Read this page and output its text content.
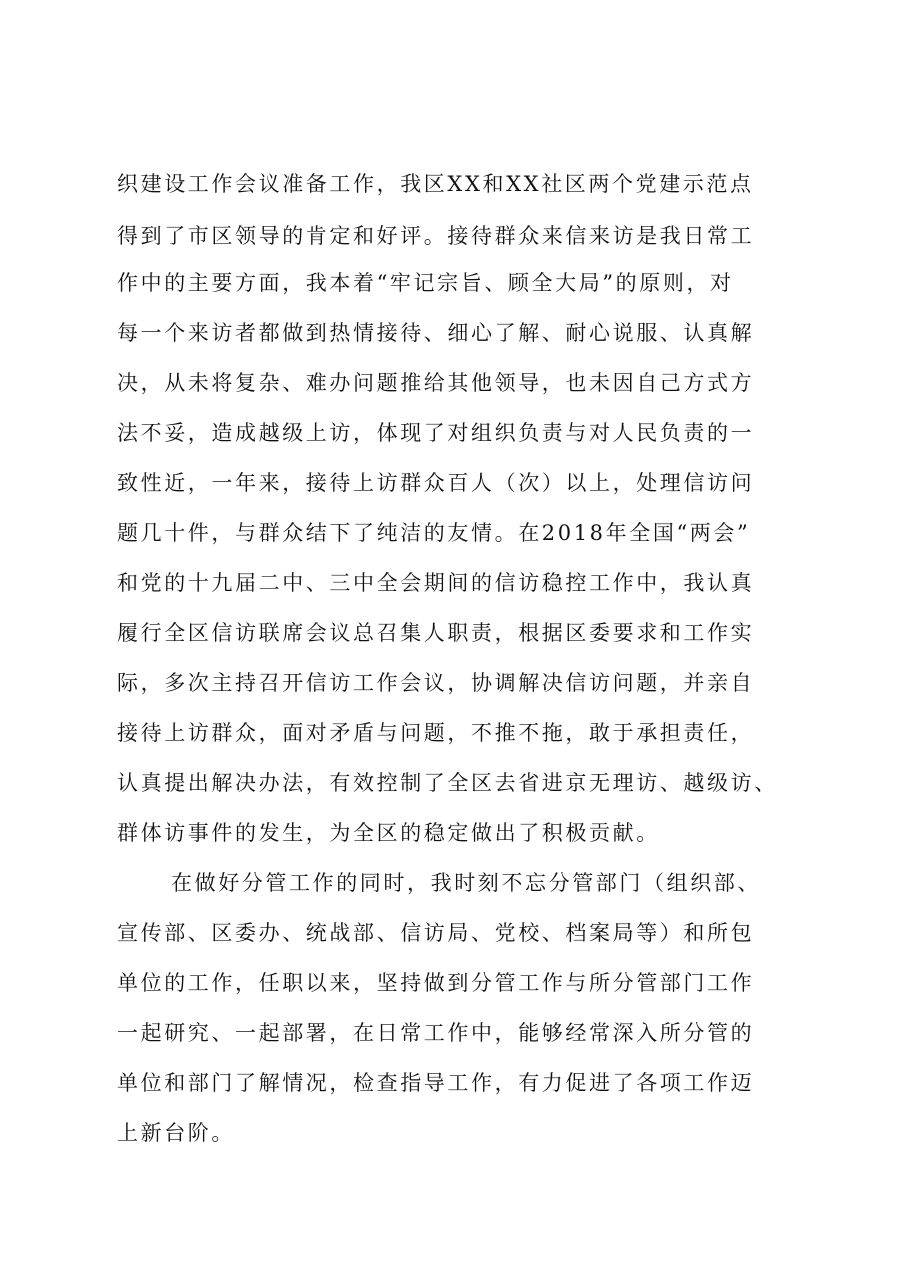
织建设工作会议准备工作，我区XX和XX社区两个党建示范点
得到了市区领导的肯定和好评。接待群众来信来访是我日常工
作中的主要方面，我本着“牢记宗旨、顾全大局”的原则，对
每一个来访者都做到热情接待、细心了解、耐心说服、认真解
决，从未将复杂、难办问题推给其他领导，也未因自己方式方
法不妥，造成越级上访，体现了对组织负责与对人民负责的一
致性近，一年来，接待上访群众百人（次）以上，处理信访问
题几十件，与群众结下了纯洁的友情。在2018年全国“两会”
和党的十九届二中、三中全会期间的信访稳控工作中，我认真
履行全区信访联席会议总召集人职责，根据区委要求和工作实
际，多次主持召开信访工作会议，协调解决信访问题，并亲自
接待上访群众，面对矛盾与问题，不推不拖，敢于承担责任，
认真提出解决办法，有效控制了全区去省进京无理访、越级访、
群体访事件的发生，为全区的稳定做出了积极贡献。
在做好分管工作的同时，我时刻不忘分管部门（组织部、
宣传部、区委办、统战部、信访局、党校、档案局等）和所包
单位的工作，任职以来，坚持做到分管工作与所分管部门工作
一起研究、一起部署，在日常工作中，能够经常深入所分管的
单位和部门了解情况，检查指导工作，有力促进了各项工作迈
上新台阶。
